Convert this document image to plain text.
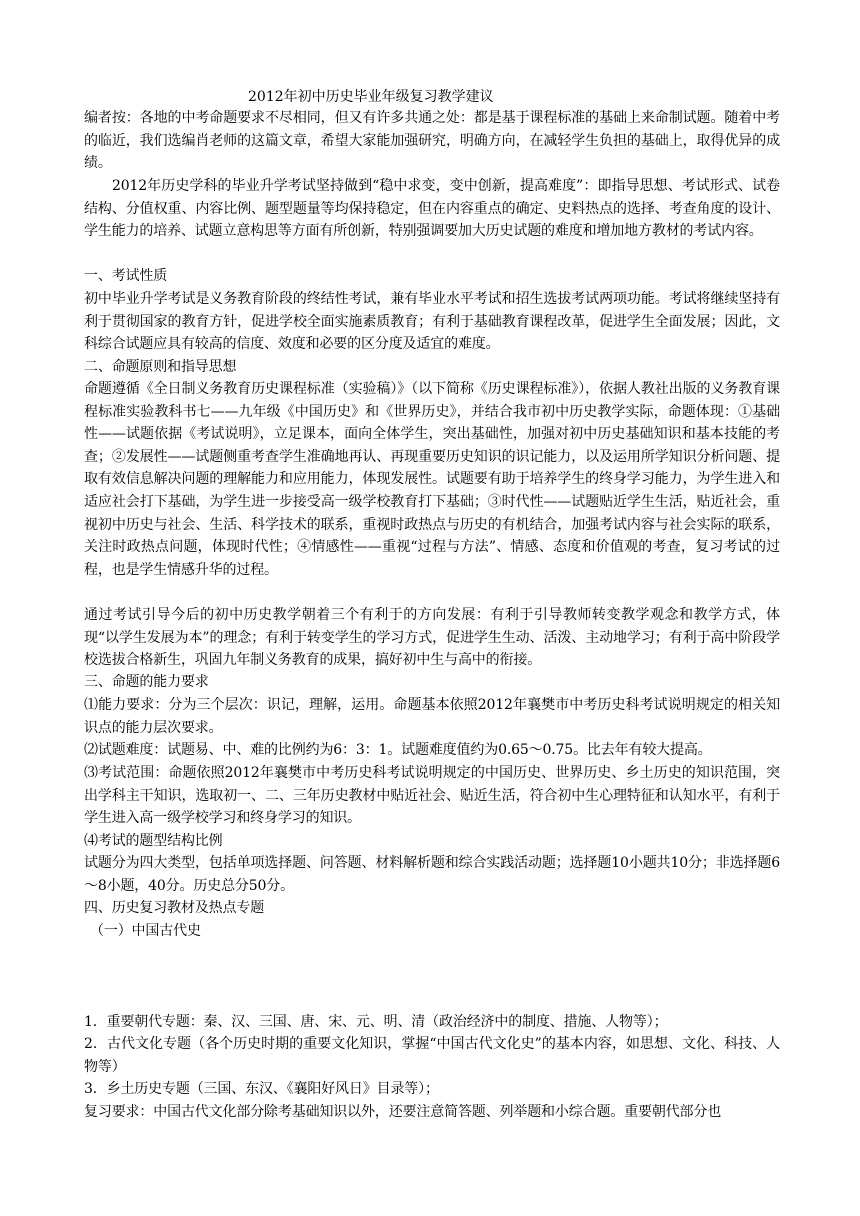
2012年初中历史毕业年级复习教学建议
编者按：各地的中考命题要求不尽相同，但又有许多共通之处：都是基于课程标准的基础上来命制试题。随着中考的临近，我们选编肖老师的这篇文章，希望大家能加强研究，明确方向，在减轻学生负担的基础上，取得优异的成绩。
2012年历史学科的毕业升学考试坚持做到“稳中求变，变中创新，提高难度”：即指导思想、考试形式、试卷结构、分值权重、内容比例、题型题量等均保持稳定，但在内容重点的确定、史料热点的选择、考查角度的设计、学生能力的培养、试题立意构思等方面有所创新，特别强调要加大历史试题的难度和增加地方教材的考试内容。
一、考试性质
初中毕业升学考试是义务教育阶段的终结性考试，兼有毕业水平考试和招生选拔考试两项功能。考试将继续坚持有利于贯彻国家的教育方针，促进学校全面实施素质教育；有利于基础教育课程改革，促进学生全面发展；因此，文科综合试题应具有较高的信度、效度和必要的区分度及适宜的难度。
二、命题原则和指导思想
命题遵循《全日制义务教育历史课程标准（实验稿）》（以下简称《历史课程标准》），依据人教社出版的义务教育课程标准实验教科书七——九年级《中国历史》和《世界历史》，并结合我市初中历史教学实际，命题体现：①基础性——试题依据《考试说明》，立足课本，面向全体学生，突出基础性，加强对初中历史基础知识和基本技能的考查；②发展性——试题侧重考查学生准确地再认、再现重要历史知识的识记能力，以及运用所学知识分析问题、提取有效信息解决问题的理解能力和应用能力，体现发展性。试题要有助于培养学生的终身学习能力，为学生进入和适应社会打下基础，为学生进一步接受高一级学校教育打下基础；③时代性——试题贴近学生生活，贴近社会，重视初中历史与社会、生活、科学技术的联系，重视时政热点与历史的有机结合，加强考试内容与社会实际的联系，关注时政热点问题，体现时代性；④情感性——重视“过程与方法”、情感、态度和价值观的考查，复习考试的过程，也是学生情感升华的过程。
通过考试引导今后的初中历史教学朝着三个有利于的方向发展：有利于引导教师转变教学观念和教学方式，体现“以学生发展为本”的理念；有利于转变学生的学习方式，促进学生生动、活泼、主动地学习；有利于高中阶段学校选拔合格新生，巩固九年制义务教育的成果，搞好初中生与高中的衔接。
三、命题的能力要求
⑴能力要求：分为三个层次：识记，理解，运用。命题基本依照2012年襄樊市中考历史科考试说明规定的相关知识点的能力层次要求。
⑵试题难度：试题易、中、难的比例约为6：3：1。试题难度值约为0.65～0.75。比去年有较大提高。
⑶考试范围：命题依照2012年襄樊市中考历史科考试说明规定的中国历史、世界历史、乡土历史的知识范围，突出学科主干知识，选取初一、二、三年历史教材中贴近社会、贴近生活，符合初中生心理特征和认知水平，有利于学生进入高一级学校学习和终身学习的知识。
⑷考试的题型结构比例
试题分为四大类型，包括单项选择题、问答题、材料解析题和综合实践活动题；选择题10小题共10分；非选择题6～8小题，40分。历史总分50分。
四、历史复习教材及热点专题
（一）中国古代史
1．重要朝代专题：秦、汉、三国、唐、宋、元、明、清（政治经济中的制度、措施、人物等）；
2．古代文化专题（各个历史时期的重要文化知识，掌握“中国古代文化史”的基本内容，如思想、文化、科技、人物等）
3．乡土历史专题（三国、东汉、《襄阳好风日》目录等）；
复习要求：中国古代文化部分除考基础知识以外，还要注意简答题、列举题和小综合题。重要朝代部分也
